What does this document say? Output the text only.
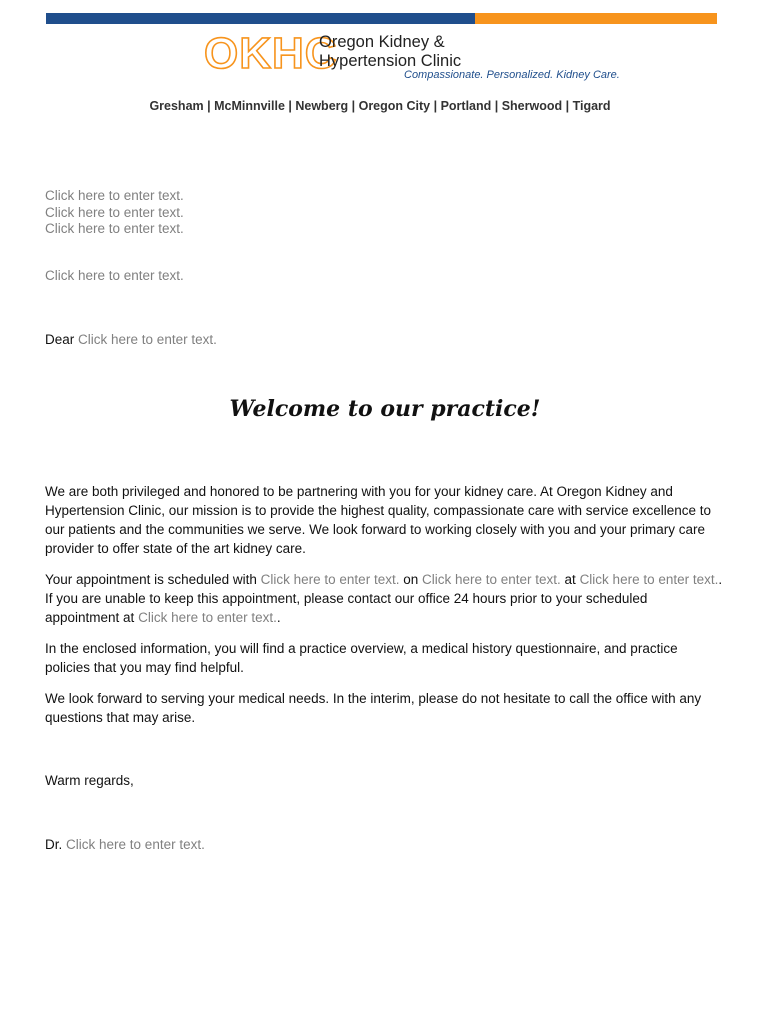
OKHC
Oregon Kidney &
Hypertension Clinic
Compassionate. Personalized. Kidney Care.
Gresham | McMinnville | Newberg | Oregon City | Portland | Sherwood | Tigard
Click here to enter text.
Click here to enter text.
Click here to enter text.
Click here to enter text.
Dear Click here to enter text.
Welcome to our practice!

We are both privileged and honored to be partnering with you for your kidney care. At Oregon Kidney and Hypertension Clinic, our mission is to provide the highest quality, compassionate care with service excellence to our patients and the communities we serve. We look forward to working closely with you and your primary care provider to offer state of the art kidney care.

Your appointment is scheduled with Click here to enter text. on Click here to enter text. at Click here to enter text.. If you are unable to keep this appointment, please contact our office 24 hours prior to your scheduled appointment at Click here to enter text..

In the enclosed information, you will find a practice overview, a medical history questionnaire, and practice policies that you may find helpful.

We look forward to serving your medical needs. In the interim, please do not hesitate to call the office with any questions that may arise.

Warm regards,
Dr. Click here to enter text.
